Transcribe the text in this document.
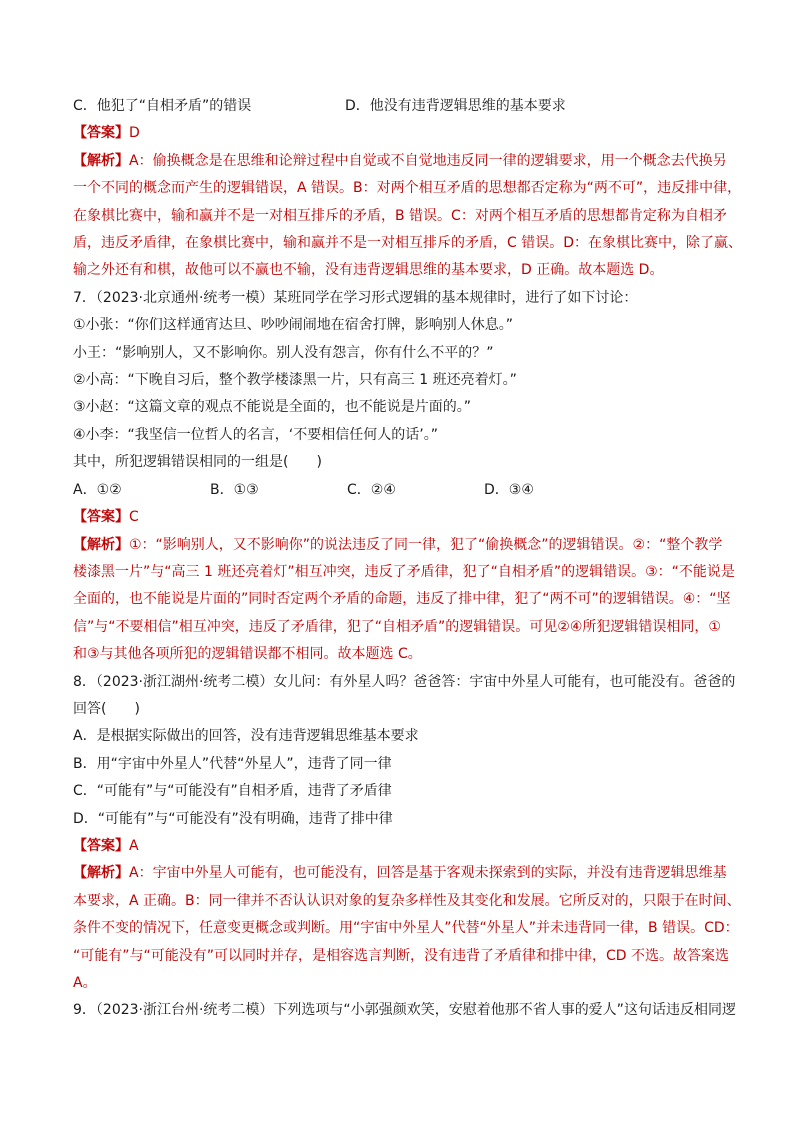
C．他犯了“自相矛盾”的错误	D．他没有违背逻辑思维的基本要求
【答案】D
【解析】A：偷换概念是在思维和论辩过程中自觉或不自觉地违反同一律的逻辑要求，用一个概念去代换另
一个不同的概念而产生的逻辑错误，A 错误。B：对两个相互矛盾的思想都否定称为“两不可”，违反排中律，
在象棋比赛中，输和赢并不是一对相互排斥的矛盾，B 错误。C：对两个相互矛盾的思想都肯定称为自相矛
盾，违反矛盾律，在象棋比赛中，输和赢并不是一对相互排斥的矛盾，C 错误。D：在象棋比赛中，除了赢、
输之外还有和棋，故他可以不赢也不输，没有违背逻辑思维的基本要求，D 正确。故本题选 D。
7．（2023·北京通州·统考一模）某班同学在学习形式逻辑的基本规律时，进行了如下讨论：
①小张：“你们这样通宵达旦、吵吵闹闹地在宿舍打牌，影响别人休息。”
小王：“影响别人，又不影响你。别人没有怨言，你有什么不平的？”
②小高：“下晚自习后，整个教学楼漆黑一片，只有高三 1 班还亮着灯。”
③小赵：“这篇文章的观点不能说是全面的，也不能说是片面的。”
④小李：“我坚信一位哲人的名言，‘不要相信任何人的话’。”
其中，所犯逻辑错误相同的一组是(　　)
A．①②	B．①③	C．②④	D．③④
【答案】C
【解析】①：“影响别人，又不影响你”的说法违反了同一律，犯了“偷换概念”的逻辑错误。②：“整个教学
楼漆黑一片”与“高三 1 班还亮着灯”相互冲突，违反了矛盾律，犯了“自相矛盾”的逻辑错误。③：“不能说是
全面的，也不能说是片面的”同时否定两个矛盾的命题，违反了排中律，犯了“两不可”的逻辑错误。④：“坚
信”与“不要相信”相互冲突，违反了矛盾律，犯了“自相矛盾”的逻辑错误。可见②④所犯逻辑错误相同，①
和③与其他各项所犯的逻辑错误都不相同。故本题选 C。
8．（2023·浙江湖州·统考二模）女儿问：有外星人吗？爸爸答：宇宙中外星人可能有，也可能没有。爸爸的
回答(　　)
A．是根据实际做出的回答，没有违背逻辑思维基本要求
B．用“宇宙中外星人”代替“外星人”，违背了同一律
C．“可能有”与“可能没有”自相矛盾，违背了矛盾律
D．“可能有”与“可能没有”没有明确，违背了排中律
【答案】A
【解析】A：宇宙中外星人可能有，也可能没有，回答是基于客观未探索到的实际，并没有违背逻辑思维基
本要求，A 正确。B：同一律并不否认认识对象的复杂多样性及其变化和发展。它所反对的，只限于在时间、
条件不变的情况下，任意变更概念或判断。用“宇宙中外星人”代替“外星人”并未违背同一律，B 错误。CD：
“可能有”与“可能没有”可以同时并存，是相容选言判断，没有违背了矛盾律和排中律，CD 不选。故答案选
A。
9．（2023·浙江台州·统考二模）下列选项与“小郭强颜欢笑，安慰着他那不省人事的爱人”这句话违反相同逻
